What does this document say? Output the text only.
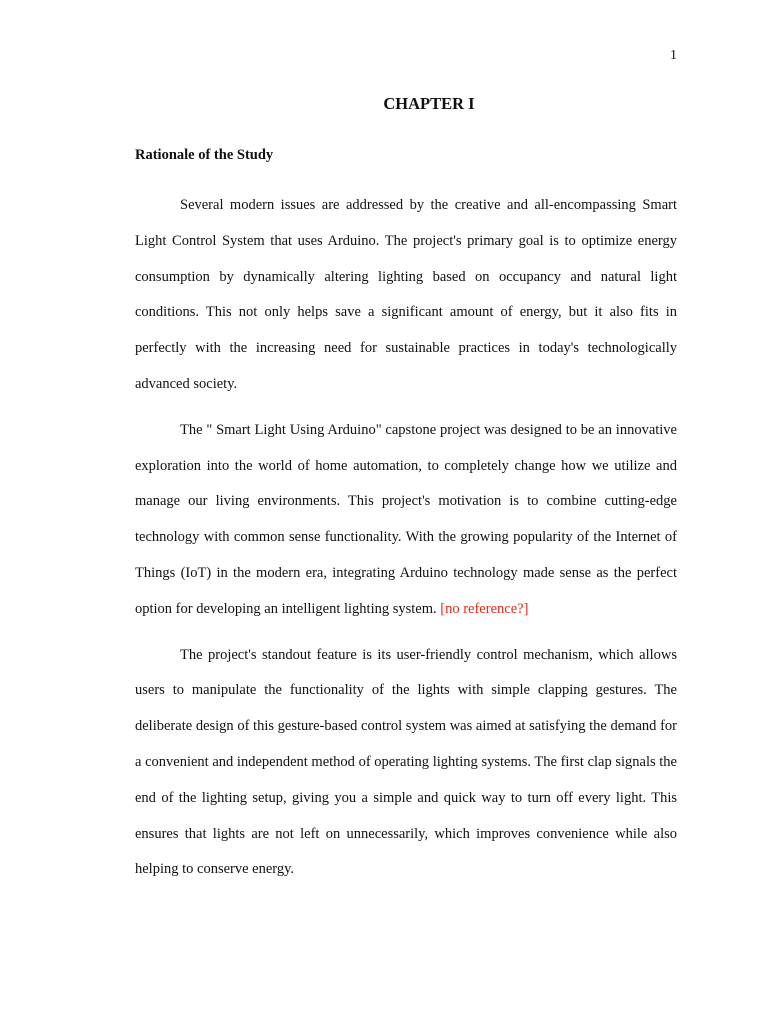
1
CHAPTER I
Rationale of the Study

Several modern issues are addressed by the creative and all-encompassing Smart Light Control System that uses Arduino. The project's primary goal is to optimize energy consumption by dynamically altering lighting based on occupancy and natural light conditions. This not only helps save a significant amount of energy, but it also fits in perfectly with the increasing need for sustainable practices in today's technologically advanced society.

The " Smart Light Using Arduino" capstone project was designed to be an innovative exploration into the world of home automation, to completely change how we utilize and manage our living environments. This project's motivation is to combine cutting-edge technology with common sense functionality. With the growing popularity of the Internet of Things (IoT) in the modern era, integrating Arduino technology made sense as the perfect option for developing an intelligent lighting system. [no reference?]

The project's standout feature is its user-friendly control mechanism, which allows users to manipulate the functionality of the lights with simple clapping gestures. The deliberate design of this gesture-based control system was aimed at satisfying the demand for a convenient and independent method of operating lighting systems. The first clap signals the end of the lighting setup, giving you a simple and quick way to turn off every light. This ensures that lights are not left on unnecessarily, which improves convenience while also helping to conserve energy.
